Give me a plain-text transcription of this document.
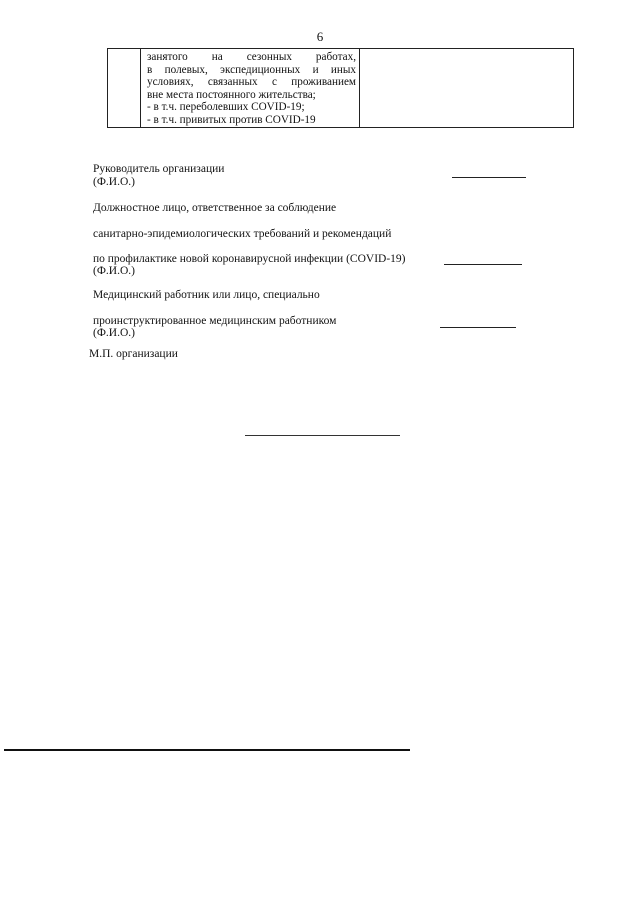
6

занятого на сезонных работах,
в полевых, экспедиционных и иных
условиях, связанных с проживанием
вне места постоянного жительства;
- в т.ч. переболевших COVID-19;
- в т.ч. привитых против COVID-19

Руководитель организации
(Ф.И.О.)
Должностное лицо, ответственное за соблюдение
санитарно-эпидемиологических требований и рекомендаций
по профилактике новой коронавирусной инфекции (COVID-19)
(Ф.И.О.)
Медицинский работник или лицо, специально
проинструктированное медицинским работником
(Ф.И.О.)
М.П. организации
